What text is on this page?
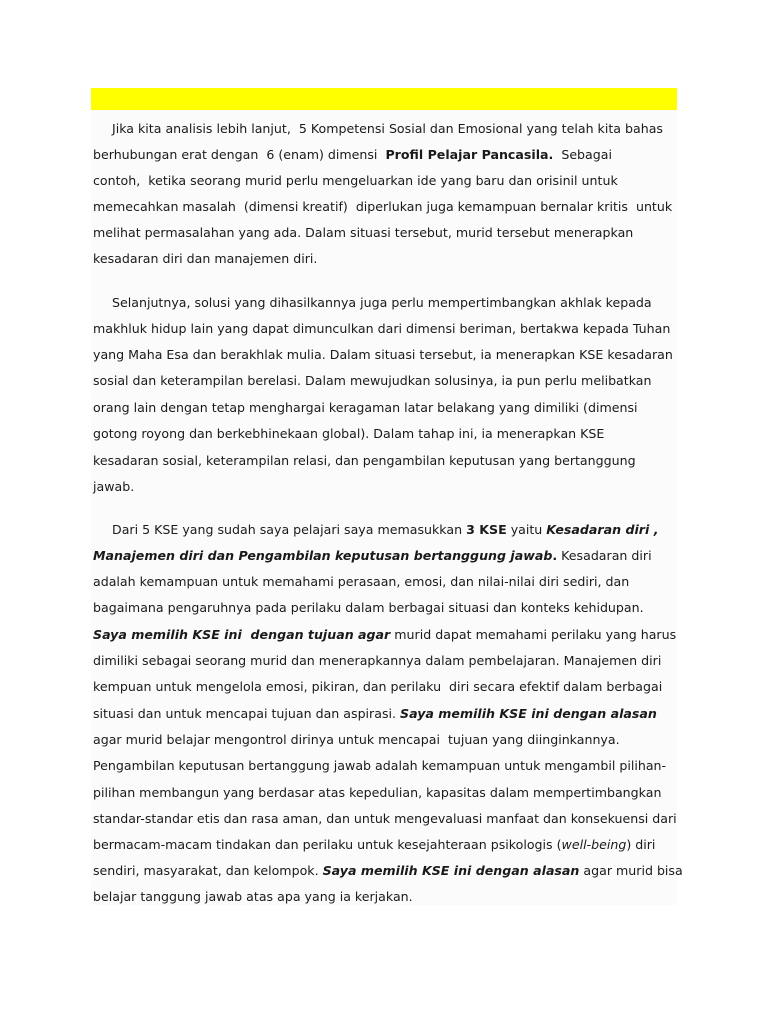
Jika kita analisis lebih lanjut,  5 Kompetensi Sosial dan Emosional yang telah kita bahas
berhubungan erat dengan  6 (enam) dimensi  Profil Pelajar Pancasila.  Sebagai
contoh,  ketika seorang murid perlu mengeluarkan ide yang baru dan orisinil untuk
memecahkan masalah  (dimensi kreatif)  diperlukan juga kemampuan bernalar kritis  untuk
melihat permasalahan yang ada. Dalam situasi tersebut, murid tersebut menerapkan
kesadaran diri dan manajemen diri.
Selanjutnya, solusi yang dihasilkannya juga perlu mempertimbangkan akhlak kepada
makhluk hidup lain yang dapat dimunculkan dari dimensi beriman, bertakwa kepada Tuhan
yang Maha Esa dan berakhlak mulia. Dalam situasi tersebut, ia menerapkan KSE kesadaran
sosial dan keterampilan berelasi. Dalam mewujudkan solusinya, ia pun perlu melibatkan
orang lain dengan tetap menghargai keragaman latar belakang yang dimiliki (dimensi
gotong royong dan berkebhinekaan global). Dalam tahap ini, ia menerapkan KSE
kesadaran sosial, keterampilan relasi, dan pengambilan keputusan yang bertanggung
jawab.
Dari 5 KSE yang sudah saya pelajari saya memasukkan 3 KSE yaitu Kesadaran diri ,
Manajemen diri dan Pengambilan keputusan bertanggung jawab. Kesadaran diri
adalah kemampuan untuk memahami perasaan, emosi, dan nilai-nilai diri sediri, dan
bagaimana pengaruhnya pada perilaku dalam berbagai situasi dan konteks kehidupan.
Saya memilih KSE ini  dengan tujuan agar murid dapat memahami perilaku yang harus
dimiliki sebagai seorang murid dan menerapkannya dalam pembelajaran. Manajemen diri
kempuan untuk mengelola emosi, pikiran, dan perilaku  diri secara efektif dalam berbagai
situasi dan untuk mencapai tujuan dan aspirasi. Saya memilih KSE ini dengan alasan
agar murid belajar mengontrol dirinya untuk mencapai  tujuan yang diinginkannya.
Pengambilan keputusan bertanggung jawab adalah kemampuan untuk mengambil pilihan-
pilihan membangun yang berdasar atas kepedulian, kapasitas dalam mempertimbangkan
standar-standar etis dan rasa aman, dan untuk mengevaluasi manfaat dan konsekuensi dari
bermacam-macam tindakan dan perilaku untuk kesejahteraan psikologis (well-being) diri
sendiri, masyarakat, dan kelompok. Saya memilih KSE ini dengan alasan agar murid bisa
belajar tanggung jawab atas apa yang ia kerjakan.
